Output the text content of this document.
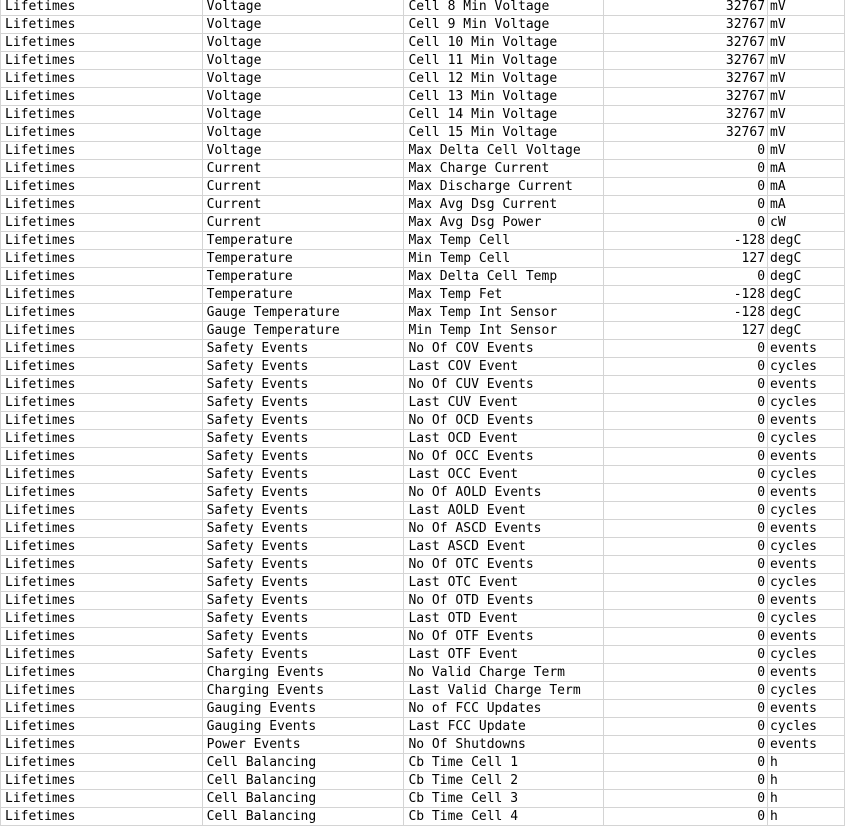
Lifetimes	Voltage	Cell 8 Min Voltage	32767	mV
Lifetimes	Voltage	Cell 9 Min Voltage	32767	mV
Lifetimes	Voltage	Cell 10 Min Voltage	32767	mV
Lifetimes	Voltage	Cell 11 Min Voltage	32767	mV
Lifetimes	Voltage	Cell 12 Min Voltage	32767	mV
Lifetimes	Voltage	Cell 13 Min Voltage	32767	mV
Lifetimes	Voltage	Cell 14 Min Voltage	32767	mV
Lifetimes	Voltage	Cell 15 Min Voltage	32767	mV
Lifetimes	Voltage	Max Delta Cell Voltage	0	mV
Lifetimes	Current	Max Charge Current	0	mA
Lifetimes	Current	Max Discharge Current	0	mA
Lifetimes	Current	Max Avg Dsg Current	0	mA
Lifetimes	Current	Max Avg Dsg Power	0	cW
Lifetimes	Temperature	Max Temp Cell	-128	degC
Lifetimes	Temperature	Min Temp Cell	127	degC
Lifetimes	Temperature	Max Delta Cell Temp	0	degC
Lifetimes	Temperature	Max Temp Fet	-128	degC
Lifetimes	Gauge Temperature	Max Temp Int Sensor	-128	degC
Lifetimes	Gauge Temperature	Min Temp Int Sensor	127	degC
Lifetimes	Safety Events	No Of COV Events	0	events
Lifetimes	Safety Events	Last COV Event	0	cycles
Lifetimes	Safety Events	No Of CUV Events	0	events
Lifetimes	Safety Events	Last CUV Event	0	cycles
Lifetimes	Safety Events	No Of OCD Events	0	events
Lifetimes	Safety Events	Last OCD Event	0	cycles
Lifetimes	Safety Events	No Of OCC Events	0	events
Lifetimes	Safety Events	Last OCC Event	0	cycles
Lifetimes	Safety Events	No Of AOLD Events	0	events
Lifetimes	Safety Events	Last AOLD Event	0	cycles
Lifetimes	Safety Events	No Of ASCD Events	0	events
Lifetimes	Safety Events	Last ASCD Event	0	cycles
Lifetimes	Safety Events	No Of OTC Events	0	events
Lifetimes	Safety Events	Last OTC Event	0	cycles
Lifetimes	Safety Events	No Of OTD Events	0	events
Lifetimes	Safety Events	Last OTD Event	0	cycles
Lifetimes	Safety Events	No Of OTF Events	0	events
Lifetimes	Safety Events	Last OTF Event	0	cycles
Lifetimes	Charging Events	No Valid Charge Term	0	events
Lifetimes	Charging Events	Last Valid Charge Term	0	cycles
Lifetimes	Gauging Events	No of FCC Updates	0	events
Lifetimes	Gauging Events	Last FCC Update	0	cycles
Lifetimes	Power Events	No Of Shutdowns	0	events
Lifetimes	Cell Balancing	Cb Time Cell 1	0	h
Lifetimes	Cell Balancing	Cb Time Cell 2	0	h
Lifetimes	Cell Balancing	Cb Time Cell 3	0	h
Lifetimes	Cell Balancing	Cb Time Cell 4	0	h
